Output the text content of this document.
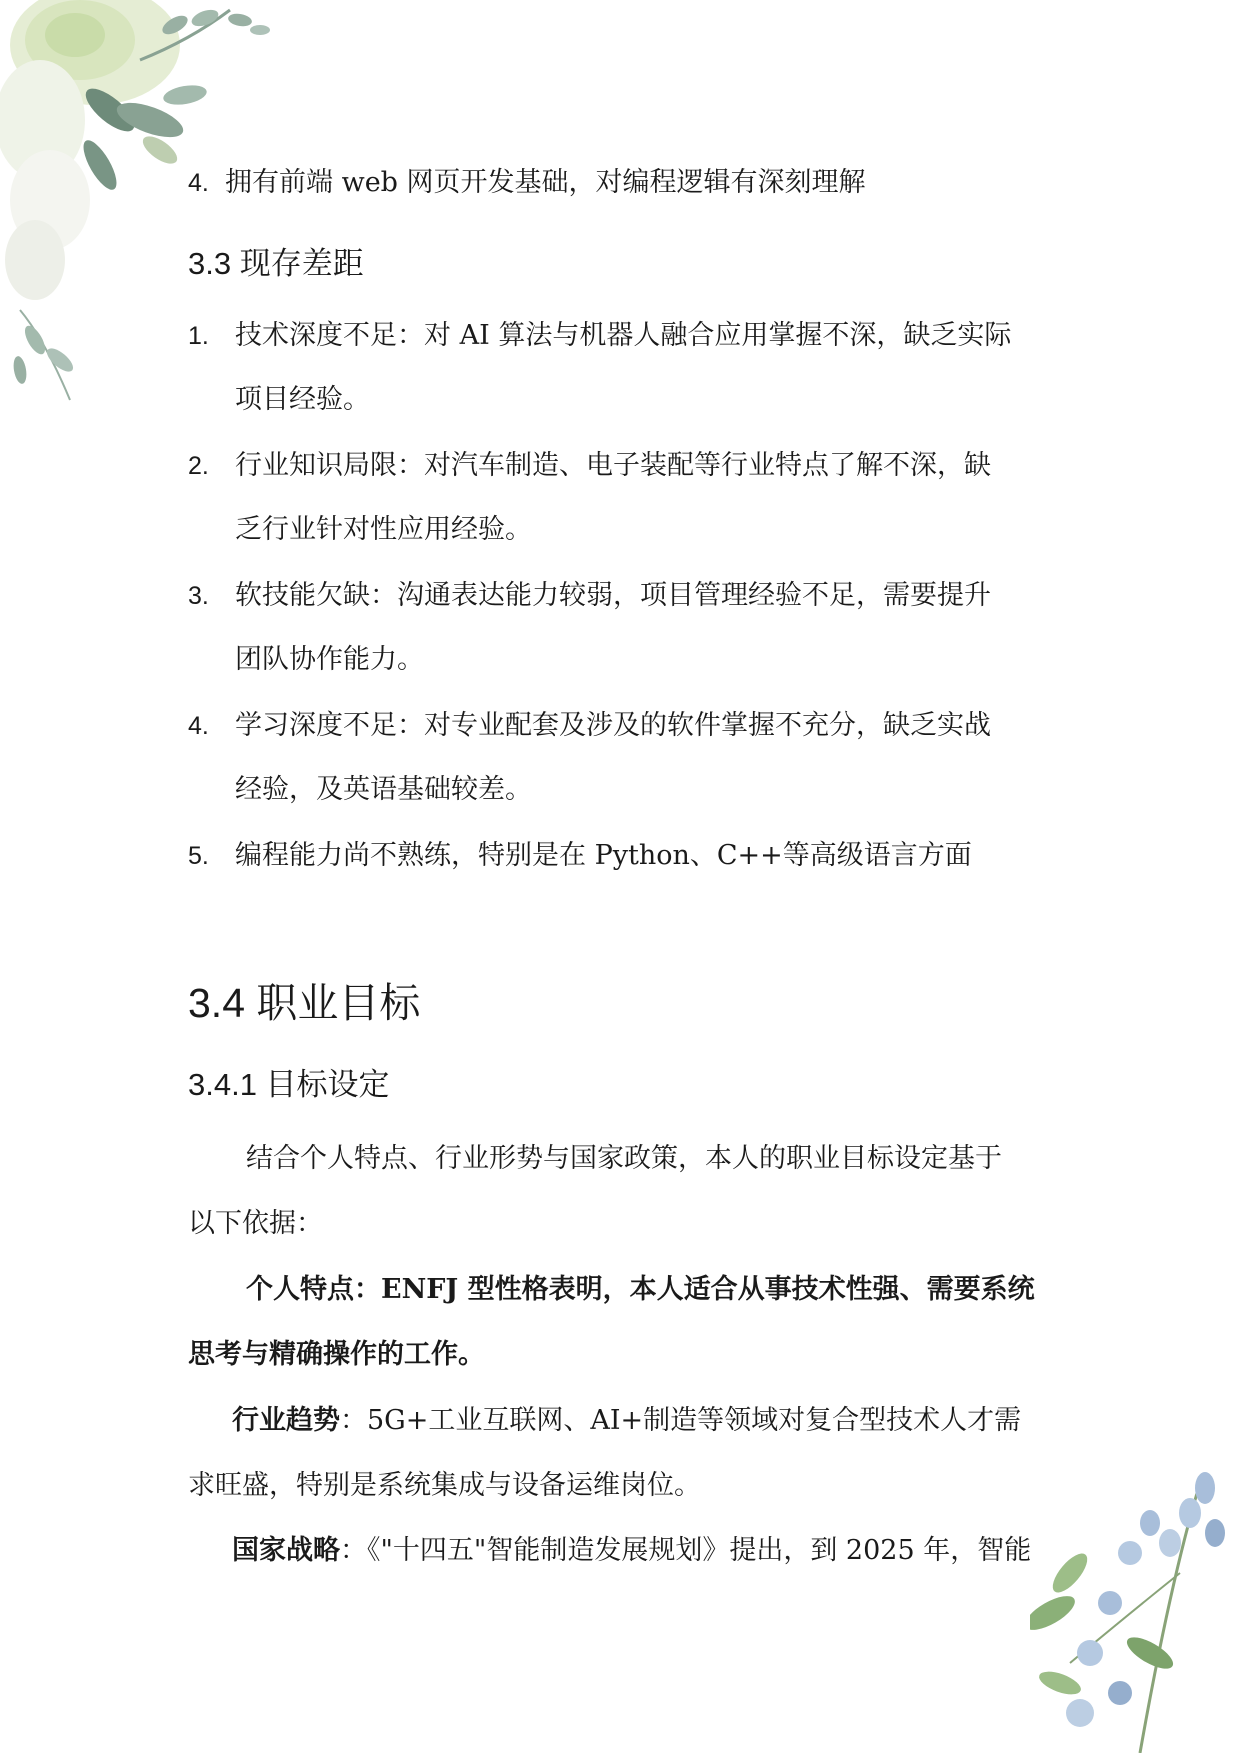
4. 拥有前端 web 网页开发基础，对编程逻辑有深刻理解
3.3 现存差距
1. 技术深度不足：对 AI 算法与机器人融合应用掌握不深，缺乏实际
项目经验。
2. 行业知识局限：对汽车制造、电子装配等行业特点了解不深，缺
乏行业针对性应用经验。
3. 软技能欠缺：沟通表达能力较弱，项目管理经验不足，需要提升
团队协作能力。
4. 学习深度不足：对专业配套及涉及的软件掌握不充分，缺乏实战
经验，及英语基础较差。
5. 编程能力尚不熟练，特别是在 Python、C++等高级语言方面
3.4 职业目标
3.4.1 目标设定
结合个人特点、行业形势与国家政策，本人的职业目标设定基于
以下依据：
个人特点：ENFJ 型性格表明，本人适合从事技术性强、需要系统
思考与精确操作的工作。
行业趋势：5G+工业互联网、AI+制造等领域对复合型技术人才需
求旺盛，特别是系统集成与设备运维岗位。
国家战略：《"十四五"智能制造发展规划》提出，到 2025 年，智能
